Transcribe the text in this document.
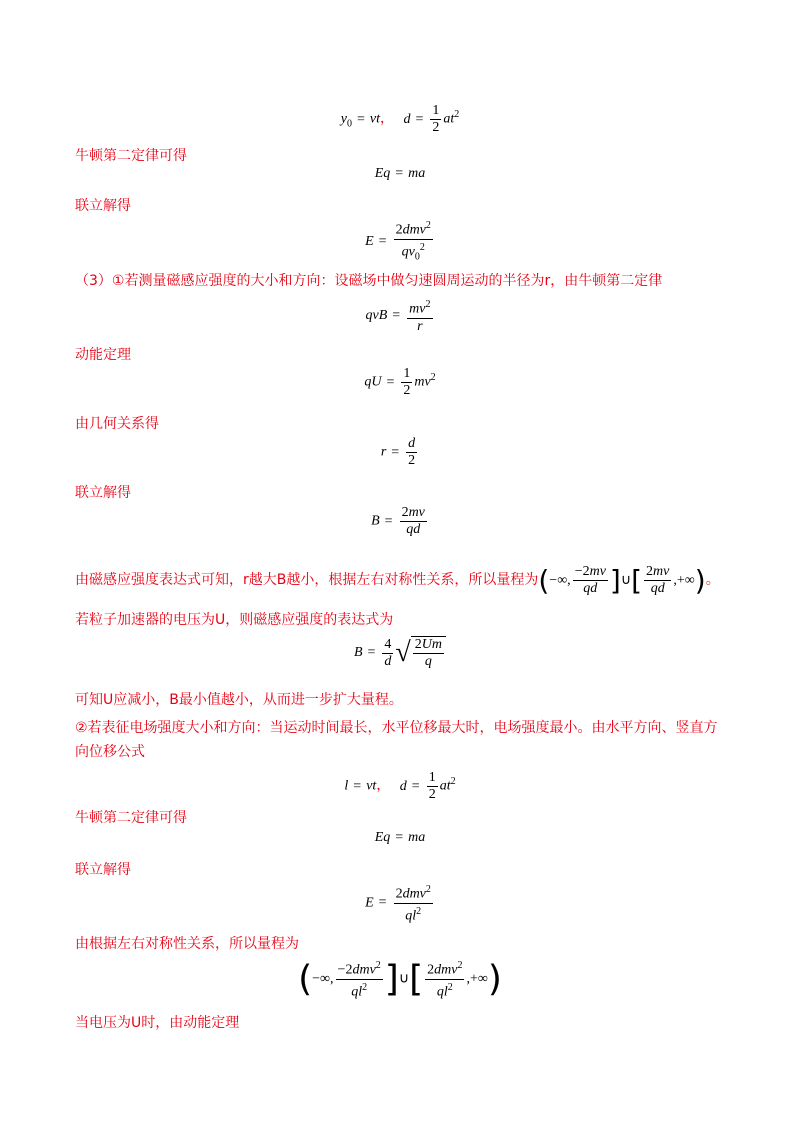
$y_0$ = vt， $d = \frac{1}{2} at^2$
牛顿第二定律可得
Eq = ma
联立解得
$E = \frac{2dmv^2}{qv_0^2}$
（3）①若测量磁感应强度的大小和方向：设磁场中做匀速圆周运动的半径为r，由牛顿第二定律
qvB = $\frac{mv^2}{r}$
动能定理
qU = $\frac{1}{2} mv^2$
由几何关系得
$r = \frac{d}{2}$
联立解得
$B = \frac{2mv}{qd}$
由磁感应强度表达式可知，r越大B越小，根据左右对称性关系，所以量程为(−∞, $\frac{-2mv}{qd}$ ]∪[ $\frac{2mv}{qd}$ ,+∞)。
若粒子加速器的电压为U，则磁感应强度的表达式为
$B = \frac{4}{d}$ √ $\frac{2Um}{q}$
可知U应减小，B最小值越小，从而进一步扩大量程。
②若表征电场强度大小和方向：当运动时间最长，水平位移最大时，电场强度最小。由水平方向、竖直方向位移公式
l = vt， $d = \frac{1}{2} at^2$
牛顿第二定律可得
Eq = ma
联立解得
$E = \frac{2dmv^2}{ql^2}$
由根据左右对称性关系，所以量程为
(−∞, $\frac{-2dmv^2}{ql^2}$ ]∪[ $\frac{2dmv^2}{ql^2}$ ,+∞)
当电压为U时，由动能定理
